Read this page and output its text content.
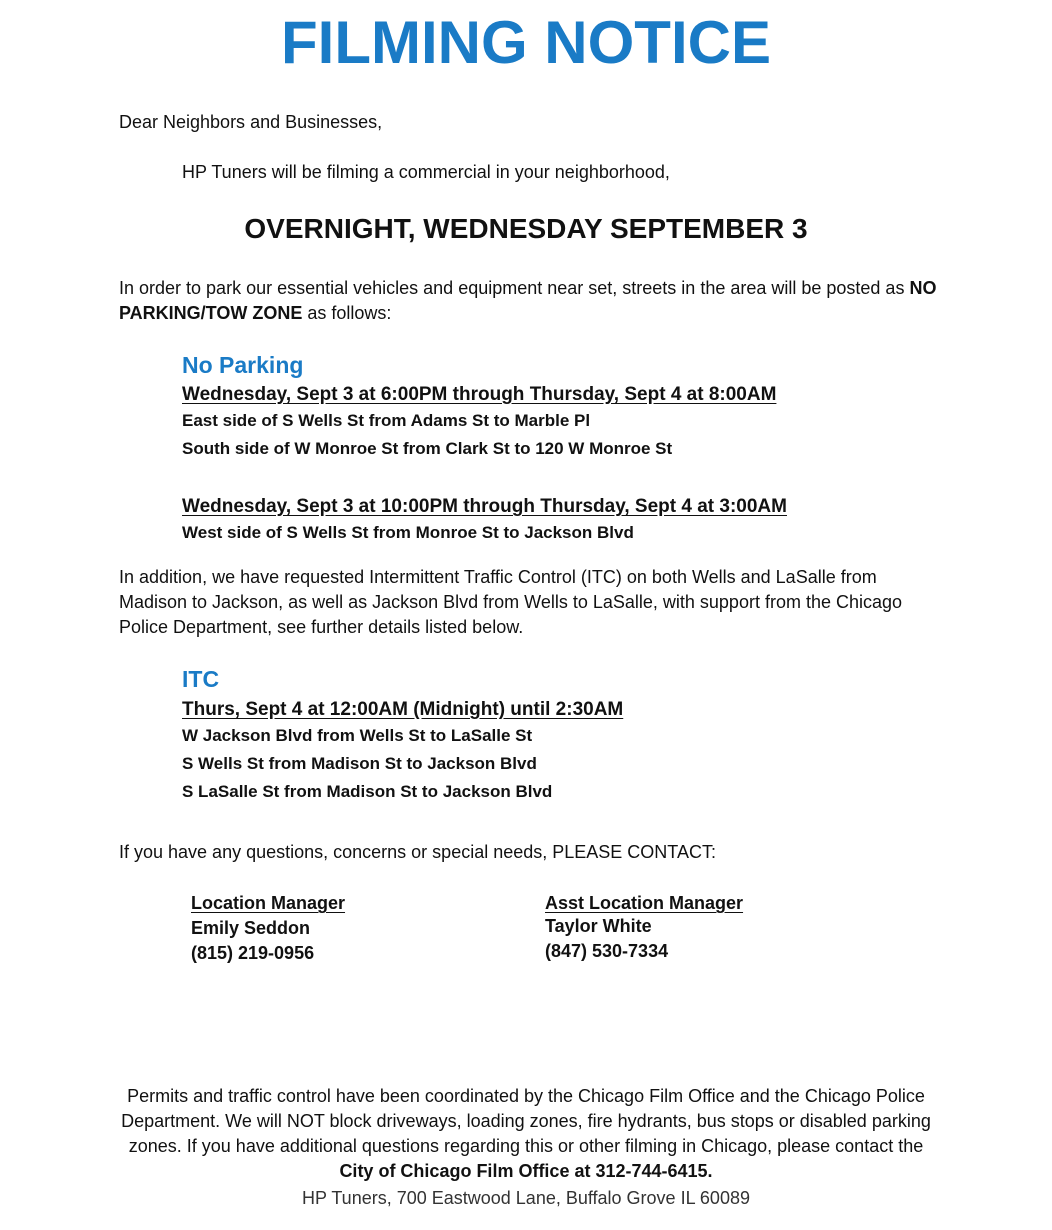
FILMING NOTICE

Dear Neighbors and Businesses,

HP Tuners will be filming a commercial in your neighborhood,

OVERNIGHT, WEDNESDAY SEPTEMBER 3

In order to park our essential vehicles and equipment near set, streets in the area will be posted as NO PARKING/TOW ZONE as follows:

No Parking
Wednesday, Sept 3 at 6:00PM through Thursday, Sept 4 at 8:00AM
East side of S Wells St from Adams St to Marble Pl
South side of W Monroe St from Clark St to 120 W Monroe St
Wednesday, Sept 3 at 10:00PM through Thursday, Sept 4 at 3:00AM
West side of S Wells St from Monroe St to Jackson Blvd

In addition, we have requested Intermittent Traffic Control (ITC) on both Wells and LaSalle from Madison to Jackson, as well as Jackson Blvd from Wells to LaSalle, with support from the Chicago Police Department, see further details listed below.

ITC
Thurs, Sept 4 at 12:00AM (Midnight) until 2:30AM
W Jackson Blvd from Wells St to LaSalle St
S Wells St from Madison St to Jackson Blvd
S LaSalle St from Madison St to Jackson Blvd

If you have any questions, concerns or special needs, PLEASE CONTACT:

Location Manager
Emily Seddon
(815) 219-0956
Asst Location Manager
Taylor White
(847) 530-7334
Permits and traffic control have been coordinated by the Chicago Film Office and the Chicago Police Department. We will NOT block driveways, loading zones, fire hydrants, bus stops or disabled parking zones. If you have additional questions regarding this or other filming in Chicago, please contact the City of Chicago Film Office at 312-744-6415.
HP Tuners, 700 Eastwood Lane, Buffalo Grove IL 60089
